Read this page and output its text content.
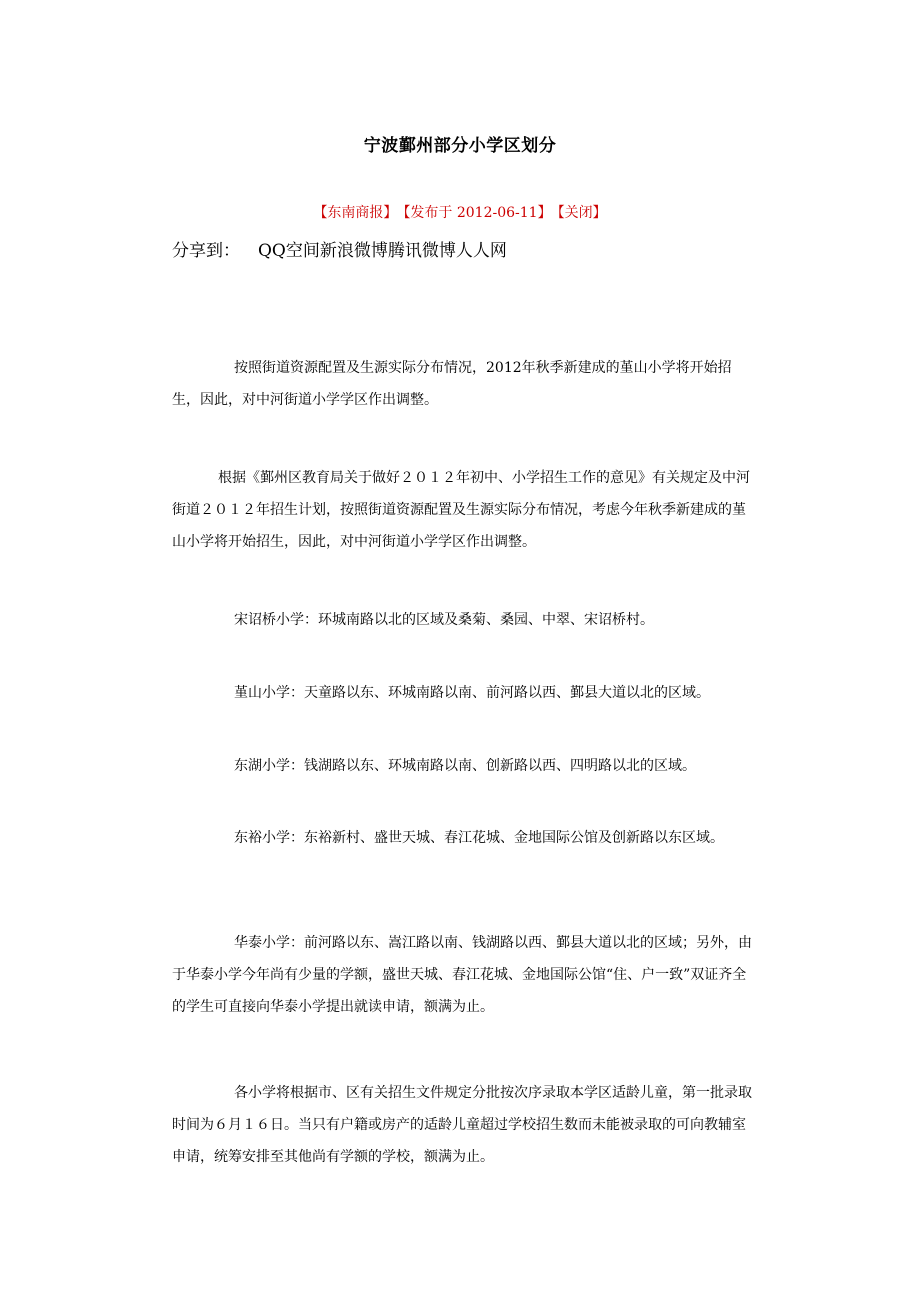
宁波鄞州部分小学区划分
【东南商报】 【发布于 2012-06-11】 【关闭】
分享到： QQ空间新浪微博腾讯微博人人网

按照街道资源配置及生源实际分布情况，2012年秋季新建成的堇山小学将开始招生，因此，对中河街道小学学区作出调整。

根据《鄞州区教育局关于做好２０１２年初中、小学招生工作的意见》有关规定及中河街道２０１２年招生计划，按照街道资源配置及生源实际分布情况，考虑今年秋季新建成的堇山小学将开始招生，因此，对中河街道小学学区作出调整。

宋诏桥小学：环城南路以北的区域及桑菊、桑园、中翠、宋诏桥村。

堇山小学：天童路以东、环城南路以南、前河路以西、鄞县大道以北的区域。

东湖小学：钱湖路以东、环城南路以南、创新路以西、四明路以北的区域。

东裕小学：东裕新村、盛世天城、春江花城、金地国际公馆及创新路以东区域。

华泰小学：前河路以东、嵩江路以南、钱湖路以西、鄞县大道以北的区域；另外，由于华泰小学今年尚有少量的学额，盛世天城、春江花城、金地国际公馆“住、户一致”双证齐全的学生可直接向华泰小学提出就读申请，额满为止。

各小学将根据市、区有关招生文件规定分批按次序录取本学区适龄儿童，第一批录取时间为６月１６日。当只有户籍或房产的适龄儿童超过学校招生数而未能被录取的可向教辅室申请，统筹安排至其他尚有学额的学校，额满为止。
